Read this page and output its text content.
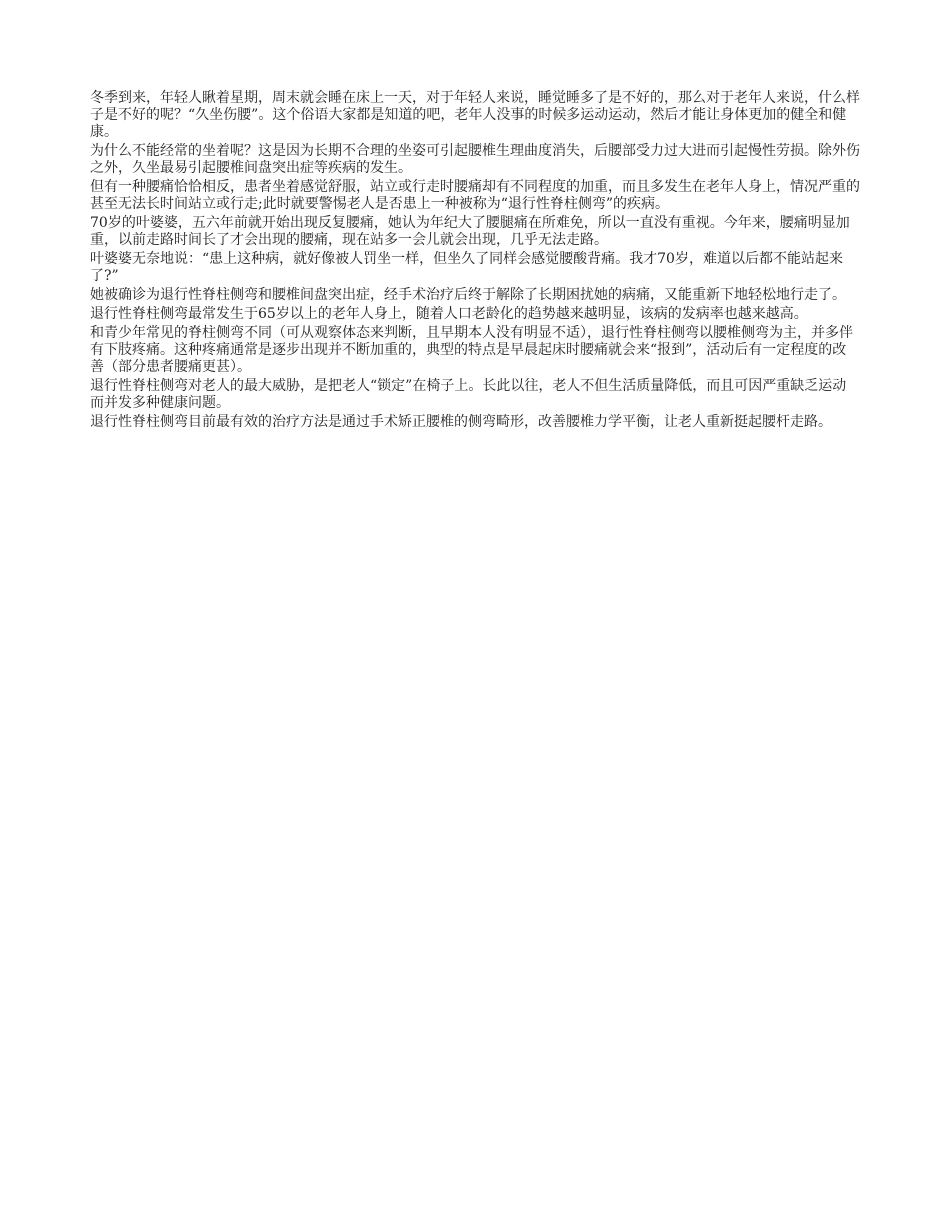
冬季到来，年轻人瞅着星期，周末就会睡在床上一天，对于年轻人来说，睡觉睡多了是不好的，那么对于老年人来说，什么样子是不好的呢？“久坐伤腰”。这个俗语大家都是知道的吧，老年人没事的时候多运动运动，然后才能让身体更加的健全和健康。

为什么不能经常的坐着呢？这是因为长期不合理的坐姿可引起腰椎生理曲度消失，后腰部受力过大进而引起慢性劳损。除外伤之外，久坐最易引起腰椎间盘突出症等疾病的发生。

但有一种腰痛恰恰相反，患者坐着感觉舒服，站立或行走时腰痛却有不同程度的加重，而且多发生在老年人身上，情况严重的甚至无法长时间站立或行走;此时就要警惕老人是否患上一种被称为“退行性脊柱侧弯”的疾病。

70岁的叶婆婆，五六年前就开始出现反复腰痛，她认为年纪大了腰腿痛在所难免，所以一直没有重视。今年来，腰痛明显加重，以前走路时间长了才会出现的腰痛，现在站多一会儿就会出现，几乎无法走路。

叶婆婆无奈地说：“患上这种病，就好像被人罚坐一样，但坐久了同样会感觉腰酸背痛。我才70岁，难道以后都不能站起来了?”

她被确诊为退行性脊柱侧弯和腰椎间盘突出症，经手术治疗后终于解除了长期困扰她的病痛，又能重新下地轻松地行走了。

退行性脊柱侧弯最常发生于65岁以上的老年人身上，随着人口老龄化的趋势越来越明显，该病的发病率也越来越高。

和青少年常见的脊柱侧弯不同（可从观察体态来判断，且早期本人没有明显不适），退行性脊柱侧弯以腰椎侧弯为主，并多伴有下肢疼痛。这种疼痛通常是逐步出现并不断加重的，典型的特点是早晨起床时腰痛就会来“报到”，活动后有一定程度的改善（部分患者腰痛更甚）。

退行性脊柱侧弯对老人的最大威胁，是把老人“锁定”在椅子上。长此以往，老人不但生活质量降低，而且可因严重缺乏运动而并发多种健康问题。

退行性脊柱侧弯目前最有效的治疗方法是通过手术矫正腰椎的侧弯畸形，改善腰椎力学平衡，让老人重新挺起腰杆走路。
